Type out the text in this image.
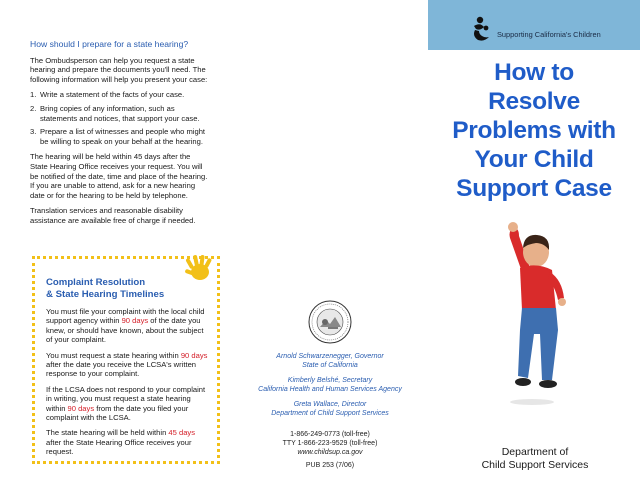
How should I prepare for a state hearing?

The Ombudsperson can help you request a state hearing and prepare the documents you'll need. The following information will help you present your case:

1. Write a statement of the facts of your case.
2. Bring copies of any information, such as statements and notices, that support your case.
3. Prepare a list of witnesses and people who might be willing to speak on your behalf at the hearing.

The hearing will be held within 45 days after the State Hearing Office receives your request. You will be notified of the date, time and place of the hearing. If you are unable to attend, ask for a new hearing date or for the hearing to be held by telephone.

Translation services and reasonable disability assistance are available free of charge if needed.

Complaint Resolution
& State Hearing Timelines

You must file your complaint with the local child support agency within 90 days of the date you knew, or should have known, about the subject of your complaint.

You must request a state hearing within 90 days after the date you receive the LCSA's written response to your complaint.

If the LCSA does not respond to your complaint in writing, you must request a state hearing within 90 days from the date you filed your complaint with the LCSA.

The state hearing will be held within 45 days after the State Hearing Office receives your request.

Arnold Schwarzenegger, Governor
State of California
Kimberly Belshé, Secretary
California Health and Human Services Agency
Greta Wallace, Director
Department of Child Support Services
1-866-249-0773 (toll-free)
TTY 1-866-223-9529 (toll-free)
www.childsup.ca.gov
PUB 253 (7/06)
Supporting California's Children
How to
Resolve
Problems with
Your Child
Support Case
Department of
Child Support Services
